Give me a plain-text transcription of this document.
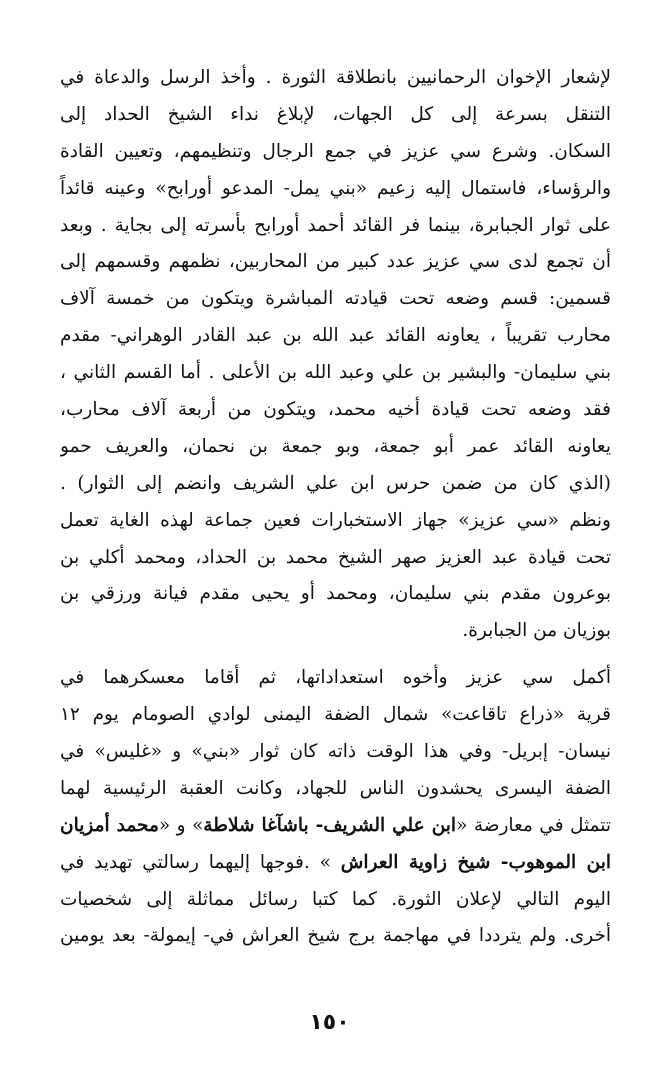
لإشعار الإخوان الرحمانيين بانطلاقة الثورة . وأخذ الرسل والدعاة في
التنقل بسرعة إلى كل الجهات، لإبلاغ نداء الشيخ الحداد إلى
السكان. وشرع سي عزيز في جمع الرجال وتنظيمهم، وتعيين القادة
والرؤساء، فاستمال إليه زعيم «بني يمل- المدعو أورابح» وعينه قائداً
على ثوار الجبابرة، بينما فر القائد أحمد أورابح بأسرته إلى بجاية . وبعد
أن تجمع لدى سي عزيز عدد كبير من المحاربين، نظمهم وقسمهم إلى
قسمين: قسم وضعه تحت قيادته المباشرة ويتكون من خمسة آلاف
محارب تقريباً ، يعاونه القائد عبد الله بن عبد القادر الوهراني- مقدم
بني سليمان- والبشير بن علي وعبد الله بن الأعلى . أما القسم الثاني ،
فقد وضعه تحت قيادة أخيه محمد، ويتكون من أربعة آلاف محارب،
يعاونه القائد عمر أبو جمعة، وبو جمعة بن نحمان، والعريف حمو
(الذي كان من ضمن حرس ابن علي الشريف وانضم إلى الثوار) .
ونظم «سي عزيز» جهاز الاستخبارات فعين جماعة لهذه الغاية تعمل
تحت قيادة عبد العزيز صهر الشيخ محمد بن الحداد، ومحمد أكلي بن
بوعرون مقدم بني سليمان، ومحمد أو يحيى مقدم فيانة ورزقي بن
بوزيان من الجبابرة.
أكمل سي عزيز وأخوه استعداداتها، ثم أقاما معسكرهما في
قرية «ذراع تاقاعت» شمال الضفة اليمنى لوادي الصومام يوم ١٢
نيسان- إبريل- وفي هذا الوقت ذاته كان ثوار «بني» و «غليس» في
الضفة اليسرى يحشدون الناس للجهاد، وكانت العقبة الرئيسية لهما
تتمثل في معارضة «ابن علي الشريف- باشآغا شلاطة» و «محمد أمزيان
ابن الموهوب- شيخ زاوية العراش » .فوجها إليهما رسالتي تهديد في
اليوم التالي لإعلان الثورة. كما كتبا رسائل مماثلة إلى شخصيات
أخرى. ولم يترددا في مهاجمة برج شيخ العراش في- إيمولة- بعد يومين
١٥٠
